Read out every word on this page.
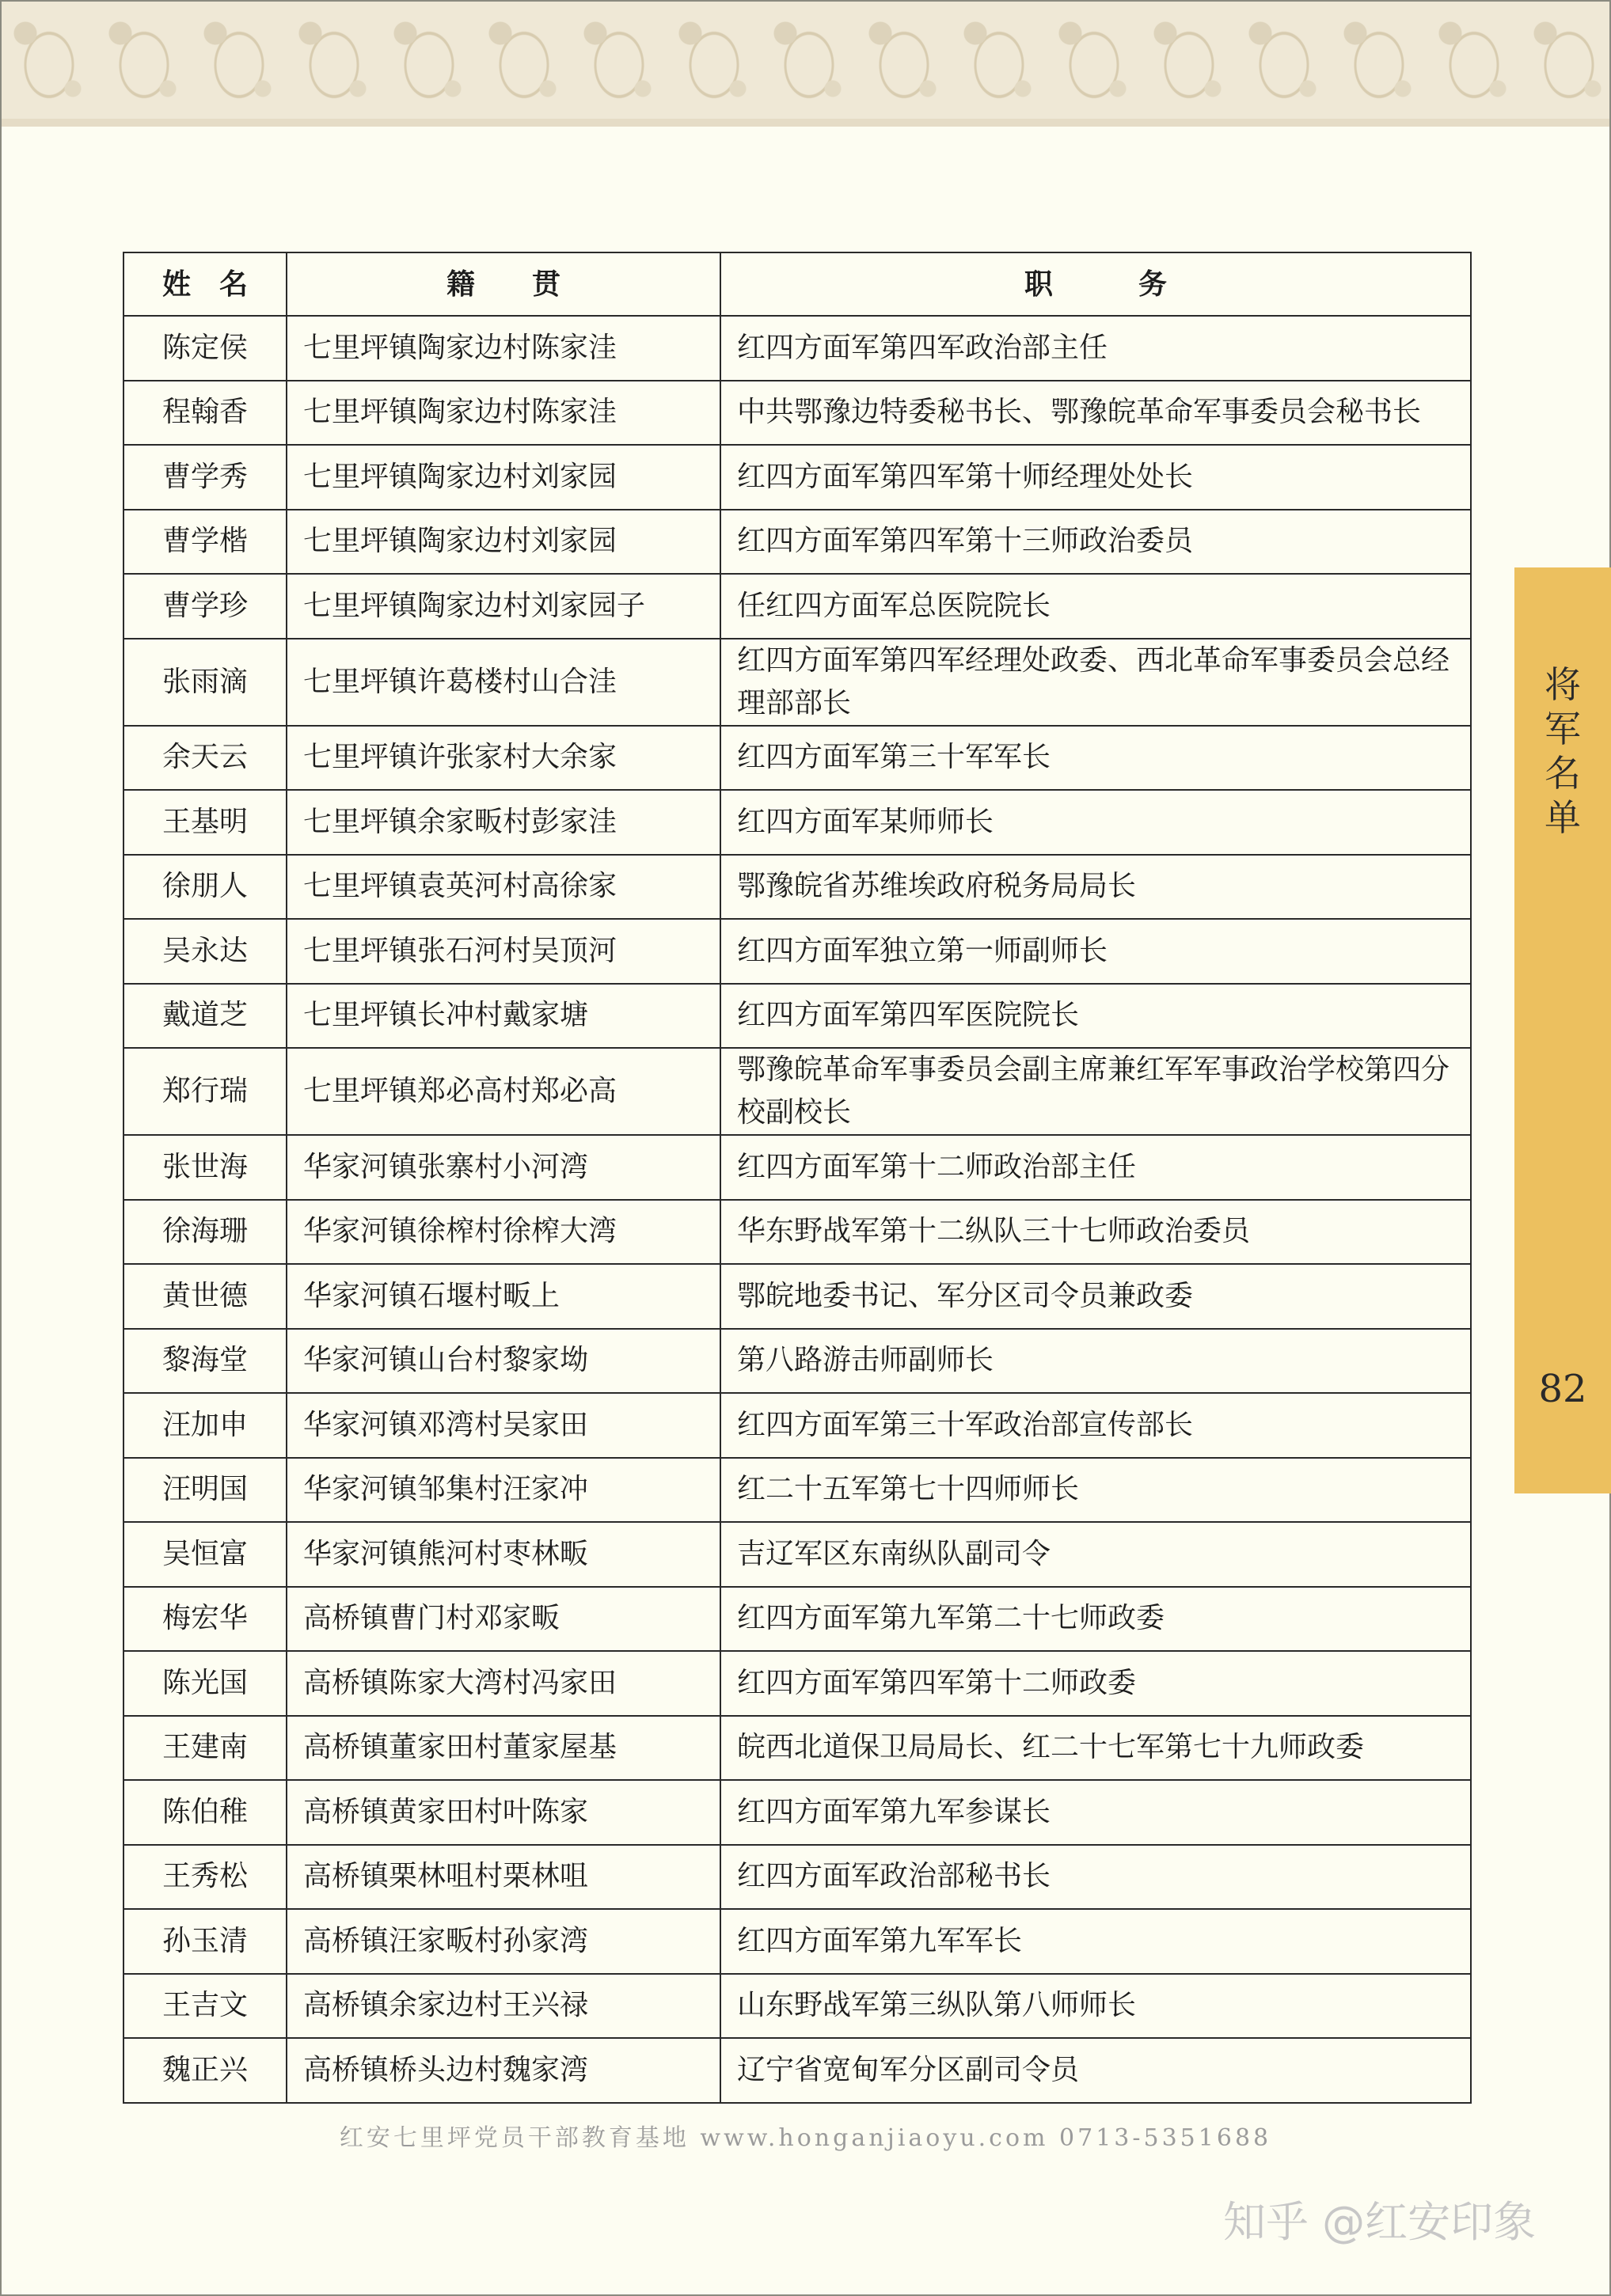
姓　名	籍　　贯	职　　　务
陈定侯	七里坪镇陶家边村陈家洼	红四方面军第四军政治部主任
程翰香	七里坪镇陶家边村陈家洼	中共鄂豫边特委秘书长、鄂豫皖革命军事委员会秘书长
曹学秀	七里坪镇陶家边村刘家园	红四方面军第四军第十师经理处处长
曹学楷	七里坪镇陶家边村刘家园	红四方面军第四军第十三师政治委员
曹学珍	七里坪镇陶家边村刘家园子	任红四方面军总医院院长
张雨滴	七里坪镇许葛楼村山合洼	红四方面军第四军经理处政委、西北革命军事委员会总经理部部长
余天云	七里坪镇许张家村大余家	红四方面军第三十军军长
王基明	七里坪镇余家畈村彭家洼	红四方面军某师师长
徐朋人	七里坪镇袁英河村高徐家	鄂豫皖省苏维埃政府税务局局长
吴永达	七里坪镇张石河村吴顶河	红四方面军独立第一师副师长
戴道芝	七里坪镇长冲村戴家塘	红四方面军第四军医院院长
郑行瑞	七里坪镇郑必高村郑必高	鄂豫皖革命军事委员会副主席兼红军军事政治学校第四分校副校长
张世海	华家河镇张寨村小河湾	红四方面军第十二师政治部主任
徐海珊	华家河镇徐榨村徐榨大湾	华东野战军第十二纵队三十七师政治委员
黄世德	华家河镇石堰村畈上	鄂皖地委书记、军分区司令员兼政委
黎海堂	华家河镇山台村黎家坳	第八路游击师副师长
汪加申	华家河镇邓湾村吴家田	红四方面军第三十军政治部宣传部长
汪明国	华家河镇邹集村汪家冲	红二十五军第七十四师师长
吴恒富	华家河镇熊河村枣林畈	吉辽军区东南纵队副司令
梅宏华	高桥镇曹门村邓家畈	红四方面军第九军第二十七师政委
陈光国	高桥镇陈家大湾村冯家田	红四方面军第四军第十二师政委
王建南	高桥镇董家田村董家屋基	皖西北道保卫局局长、红二十七军第七十九师政委
陈伯稚	高桥镇黄家田村叶陈家	红四方面军第九军参谋长
王秀松	高桥镇栗林咀村栗林咀	红四方面军政治部秘书长
孙玉清	高桥镇汪家畈村孙家湾	红四方面军第九军军长
王吉文	高桥镇余家边村王兴禄	山东野战军第三纵队第八师师长
魏正兴	高桥镇桥头边村魏家湾	辽宁省宽甸军分区副司令员
将
军
名
单
82
红安七里坪党员干部教育基地 www.honganjiaoyu.com 0713-5351688
知乎 @红安印象
